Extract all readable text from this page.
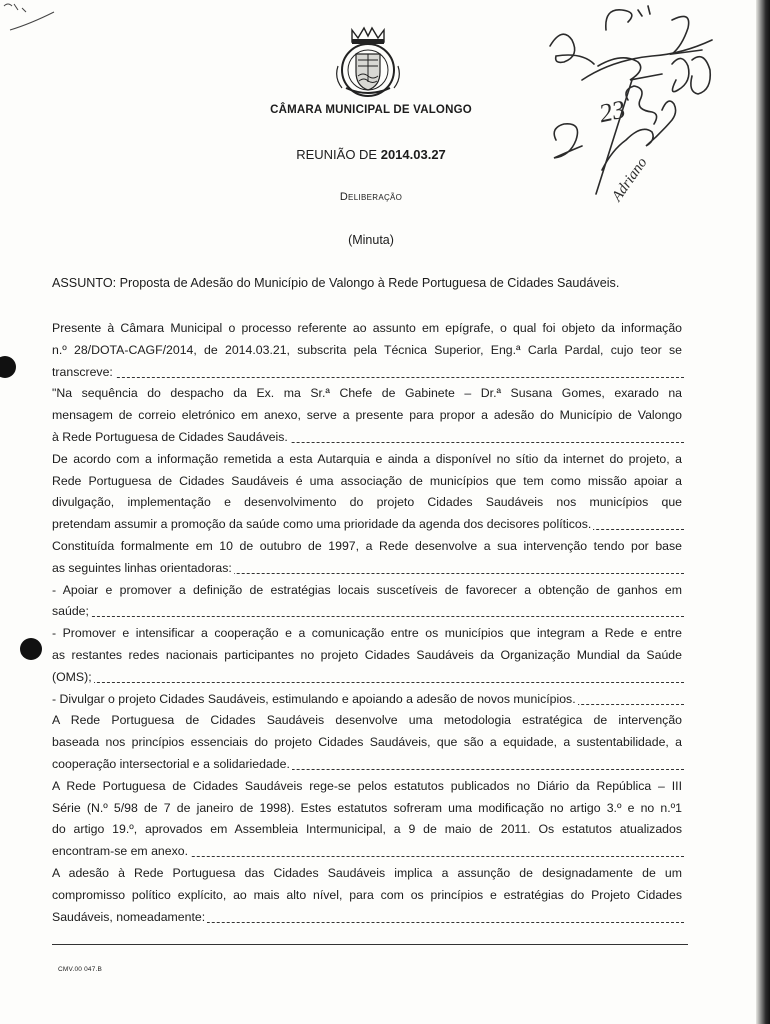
CÂMARA MUNICIPAL DE VALONGO
REUNIÃO DE 2014.03.27
Deliberação
(Minuta)
ASSUNTO: Proposta de Adesão do Município de Valongo à Rede Portuguesa de Cidades Saudáveis.
Presente à Câmara Municipal o processo referente ao assunto em epígrafe, o qual foi objeto da informação
n.º 28/DOTA-CAGF/2014, de 2014.03.21, subscrita pela Técnica Superior, Eng.ª Carla Pardal, cujo teor se
transcreve:
"Na sequência do despacho da Ex. ma Sr.ª Chefe de Gabinete – Dr.ª Susana Gomes, exarado na
mensagem de correio eletrónico em anexo, serve a presente para propor a adesão do Município de Valongo
à Rede Portuguesa de Cidades Saudáveis.
De acordo com a informação remetida a esta Autarquia e ainda a disponível no sítio da internet do projeto, a
Rede Portuguesa de Cidades Saudáveis é uma associação de municípios que tem como missão apoiar a
divulgação, implementação e desenvolvimento do projeto Cidades Saudáveis nos municípios que
pretendam assumir a promoção da saúde como uma prioridade da agenda dos decisores políticos.
Constituída formalmente em 10 de outubro de 1997, a Rede desenvolve a sua intervenção tendo por base
as seguintes linhas orientadoras:
- Apoiar e promover a definição de estratégias locais suscetíveis de favorecer a obtenção de ganhos em
saúde;
- Promover e intensificar a cooperação e a comunicação entre os municípios que integram a Rede e entre
as restantes redes nacionais participantes no projeto Cidades Saudáveis da Organização Mundial da Saúde
(OMS);
- Divulgar o projeto Cidades Saudáveis, estimulando e apoiando a adesão de novos municípios.
A Rede Portuguesa de Cidades Saudáveis desenvolve uma metodologia estratégica de intervenção
baseada nos princípios essenciais do projeto Cidades Saudáveis, que são a equidade, a sustentabilidade, a
cooperação intersectorial e a solidariedade.
A Rede Portuguesa de Cidades Saudáveis rege-se pelos estatutos publicados no Diário da República – III
Série (N.º 5/98 de 7 de janeiro de 1998). Estes estatutos sofreram uma modificação no artigo 3.º e no n.º1
do artigo 19.º, aprovados em Assembleia Intermunicipal, a 9 de maio de 2011. Os estatutos atualizados
encontram-se em anexo.
A adesão à Rede Portuguesa das Cidades Saudáveis implica a assunção de designadamente de um
compromisso político explícito, ao mais alto nível, para com os princípios e estratégias do Projeto Cidades
Saudáveis, nomeadamente:
CMV.00 047.B
23
Adriano
